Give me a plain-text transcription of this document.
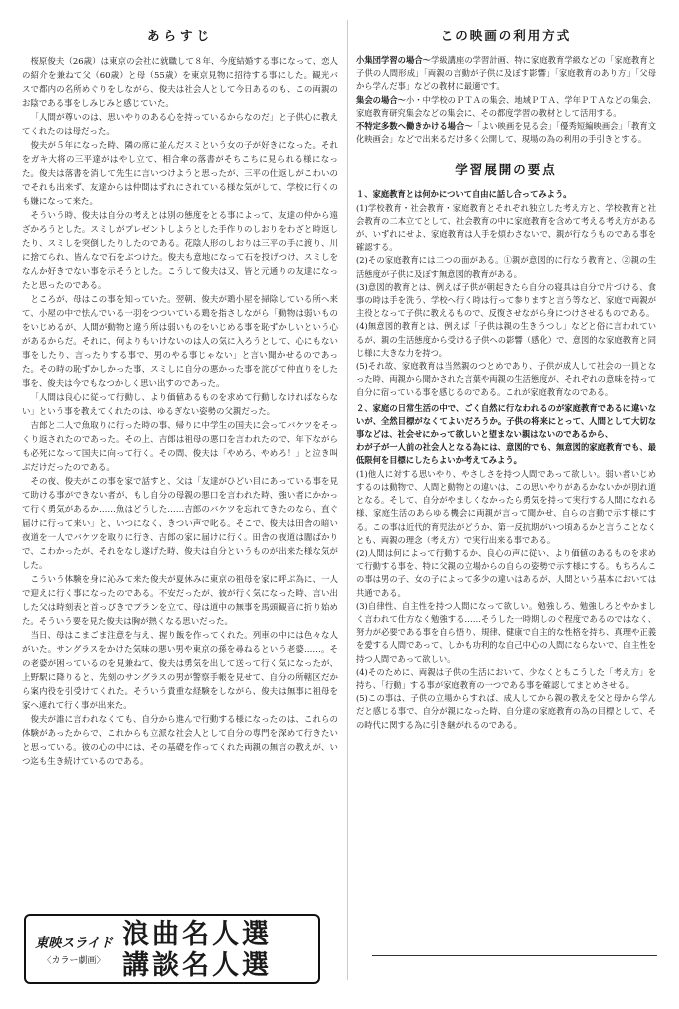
あらすじ

桜原俊夫（26歳）は東京の会社に就職して８年、今度結婚する事になって、恋人の紹介を兼ねて父（60歳）と母（55歳）を東京見物に招待する事にした。観光バスで都内の名所めぐりをしながら、俊夫は社会人として今日あるのも、この両親のお陰である事をしみじみと感じていた。

「人間が尊いのは、思いやりのある心を持っているからなのだ」と子供心に教えてくれたのは母だった。

俊夫が５年になった時、隣の席に並んだスミという女の子が好きになった。それをガキ大将の三平達がはやし立て、相合傘の落書がそちこちに見られる様になった。俊夫は落書を消して先生に言いつけようと思ったが、三平の仕返しがこわいのでそれも出来ず、友達からは仲間はずれにされている様な気がして、学校に行くのも嫌になって来た。

そういう時、俊夫は自分の考えとは別の態度をとる事によって、友達の仲から遠ざかろうとした。スミしがプレゼントしようとした手作りのしおりをわざと時返したり、スミしを突倒したりしたのである。花陰人形のしおりは三平の手に渡り、川に捨てられ、皆んなで石をぶつけた。俊夫も意地になって石を投げつけ、スミしをなんか好きでない事を示そうとした。こうして俊夫は又、皆と元通りの友達になったと思ったのである。

ところが、母はこの事を知っていた。翌朝、俊夫が鶏小屋を掃除している所へ来て、小屋の中で怯んでいる一羽をつついている鶏を指さしながら「動物は弱いものをいじめるが、人間が動物と違う所は弱いものをいじめる事を恥ずかしいという心があるからだ。それに、何よりもいけないのは人の気に入ろうとして、心にもない事をしたり、言ったりする事で、男のやる事じゃない」と言い聞かせるのであった。その時の恥ずかしかった事、スミしに自分の悪かった事を詫びて仲直りをした事を、俊夫は今でもなつかしく思い出すのであった。

「人間は良心に従って行動し、より価値あるものを求めて行動しなければならない」という事を教えてくれたのは、ゆるぎない姿勢の父親だった。

吉郎と二人で魚取りに行った時の事、帰りに中学生の国夫に会ってバケツをそっくり返されたのであった。その上、吉郎は祖母の悪口を言われたので、年下ながらも必死になって国夫に向って行く。その間、俊夫は「やめろ、やめろ！」と泣き叫ぶだけだったのである。

その夜、俊夫がこの事を家で話すと、父は「友達がひどい目にあっている事を見て助ける事ができない者が、もし自分の母親の悪口を言われた時、強い者にかかって行く勇気があるか……魚はどうした……吉郎のバケツを忘れてきたのなら、直ぐ届けに行って来い」と、いつになく、きつい声で叱る。そこで、俊夫は田舎の暗い夜道を一人でバケツを取りに行き、吉郎の家に届けに行く。田舎の夜道は闇ばかりで、こわかったが、それをなし遂げた時、俊夫は自分というものが出来た様な気がした。

こういう体験を身に沁みて来た俊夫が夏休みに東京の祖母を家に呼ぶ為に、一人で迎えに行く事になったのである。不安だったが、彼が行く気になった時、言い出した父は時刻表と首っぴきでプランを立て、母は道中の無事を馬頭観音に折り始めた。そういう要を見た俊夫は胸が熱くなる思いだった。

当日、母はこまごま注意を与え、握り飯を作ってくれた。列車の中には色々な人がいた。サングラスをかけた気味の悪い男や東京の孫を尋ねるという老婆……。その老婆が困っているのを見兼ねて、俊夫は勇気を出して送って行く気になったが、上野駅に降りると、先刻のサングラスの男が警察手帳を見せて、自分の所轄区だから案内役を引受けてくれた。そういう貴重な経験をしながら、俊夫は無事に祖母を家へ連れて行く事が出来た。

俊夫が誰に言われなくても、自分から進んで行動する様になったのは、これらの体験があったからで、これからも立派な社会人として自分の専門を深めて行きたいと思っている。彼の心の中には、その基礎を作ってくれた両親の無言の教えが、いつ迄も生き続けているのである。

この映画の利用方式

小集団学習の場合〜学級講座の学習計画、特に家庭教育学級などの「家庭教育と子供の人間形成」「両親の言動が子供に及ぼす影響」「家庭教育のあり方」「父母から学んだ事」などの教材に最適です。

集会の場合〜小・中学校のＰＴＡの集会、地域ＰＴＡ、学年ＰＴＡなどの集会、家庭教育研究集会などの集会に、その都度学習の教材として活用する。

不特定多数へ働きかける場合〜「よい映画を見る会」「優秀短編映画会」「教育文化映画会」などで出来るだけ多く公開して、現場の為の利用の手引きとする。

学習展開の要点

１、家庭教育とは何かについて自由に話し合ってみよう。

(1)学校教育・社会教育・家庭教育とそれぞれ独立した考え方と、学校教育と社会教育の二本立てとして、社会教育の中に家庭教育を含めて考える考え方があるが、いずれにせよ、家庭教育は人手を煩わさないで、親が行なうものである事を確認する。

(2)その家庭教育には二つの面がある。①親が意図的に行なう教育と、②親の生活態度が子供に及ぼす無意図的教育がある。

(3)意図的教育とは、例えば子供が朝起きたら自分の寝具は自分で片づける、食事の時は手を洗う、学校へ行く時は行って参りますと言う等など、家庭で両親が主役となって子供に教えるもので、反復させながら身につけさせるものである。

(4)無意図的教育とは、例えば「子供は親の生きうつし」などと俗に言われているが、親の生活態度から受ける子供への影響（感化）で、意図的な家庭教育と同じ様に大きな力を持つ。

(5)それ故、家庭教育は当然親のつとめであり、子供が成人して社会の一員となった時、両親から聞かされた言葉や両親の生活態度が、それぞれの意味を持って自分に宿っている事を感じるのである。これが家庭教育なのである。

２、家庭の日常生活の中で、ごく自然に行なわれるのが家庭教育であるに違いないが、全然目標がなくてよいだろうか。子供の将来にとって、人間として大切な事などは、社会せにかって欲しいと望まない親はないのであるから、

わが子が一人前の社会人となる為には、意図的でも、無意図的家庭教育でも、最低限何を目標にしたらよいか考えてみよう。

(1)他人に対する思いやり、やさしさを持つ人間であって欲しい。弱い者いじめするのは動物で、人間と動物との違いは、この思いやりがあるかないかが別れ道となる。そして、自分がやましくなかったら勇気を持って実行する人間になれる様、家庭生活のあらゆる機会に両親が言って聞かせ、自らの言動で示す様にする。この事は近代的育児法がどうか、第一反抗期がいつ頃あるかと言うことなくとも、両親の理念（考え方）で実行出来る事である。

(2)人間は何によって行動するか、良心の声に従い、より価値のあるものを求めて行動する事を、特に父親の立場からの自らの姿勢で示す様にする。もちろんこの事は男の子、女の子によって多少の違いはあるが、人間という基本においては共通である。

(3)自律性、自主性を持つ人間になって欲しい。勉強しろ、勉強しろとやかましく言われて仕方なく勉強する……そうした一時期しのぐ程度であるのではなく、努力が必要である事を自ら悟り、規律、健康で自主的な性格を持ち、真理や正義を愛する人間であって、しかも功利的な自己中心の人間にならないで、自主性を持つ人間であって欲しい。

(4)そのために、両親は子供の生活において、少なくともこうした「考え方」を持ち、「行動」する事が家庭教育の一つである事を確認してまとめさせる。

(5)この事は、子供の立場からすれば、成人してから親の教えを父と母から学んだと感じる事で、自分が親になった時、自分達の家庭教育の為の目標として、その時代に関する為に引き継がれるのである。

東映スライド
〈カラー劇画〉
浪曲名人選
講談名人選
